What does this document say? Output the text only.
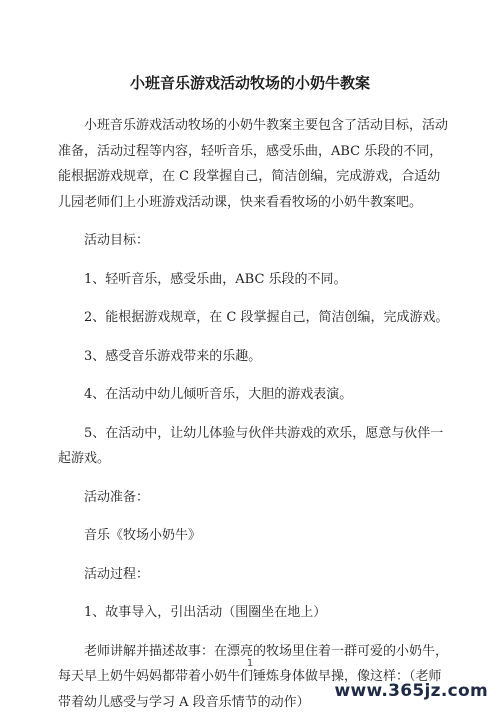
小班音乐游戏活动牧场的小奶牛教案

小班音乐游戏活动牧场的小奶牛教案主要包含了活动目标，活动准备，活动过程等内容，轻听音乐，感受乐曲，ABC 乐段的不同，能根据游戏规章，在 C 段掌握自己，简洁创编，完成游戏，合适幼儿园老师们上小班游戏活动课，快来看看牧场的小奶牛教案吧。

活动目标：

1、轻听音乐，感受乐曲，ABC 乐段的不同。

2、能根据游戏规章，在 C 段掌握自己，简洁创编，完成游戏。

3、感受音乐游戏带来的乐趣。

4、在活动中幼儿倾听音乐，大胆的游戏表演。

5、在活动中，让幼儿体验与伙伴共游戏的欢乐，愿意与伙伴一起游戏。

活动准备：

音乐《牧场小奶牛》

活动过程：

1、故事导入，引出活动（围圈坐在地上）

老师讲解并描述故事：在漂亮的牧场里住着一群可爱的小奶牛，每天早上奶牛妈妈都带着小奶牛们锤炼身体做早操，像这样：（老师带着幼儿感受与学习 A 段音乐情节的动作）

1
www.365jz.com
